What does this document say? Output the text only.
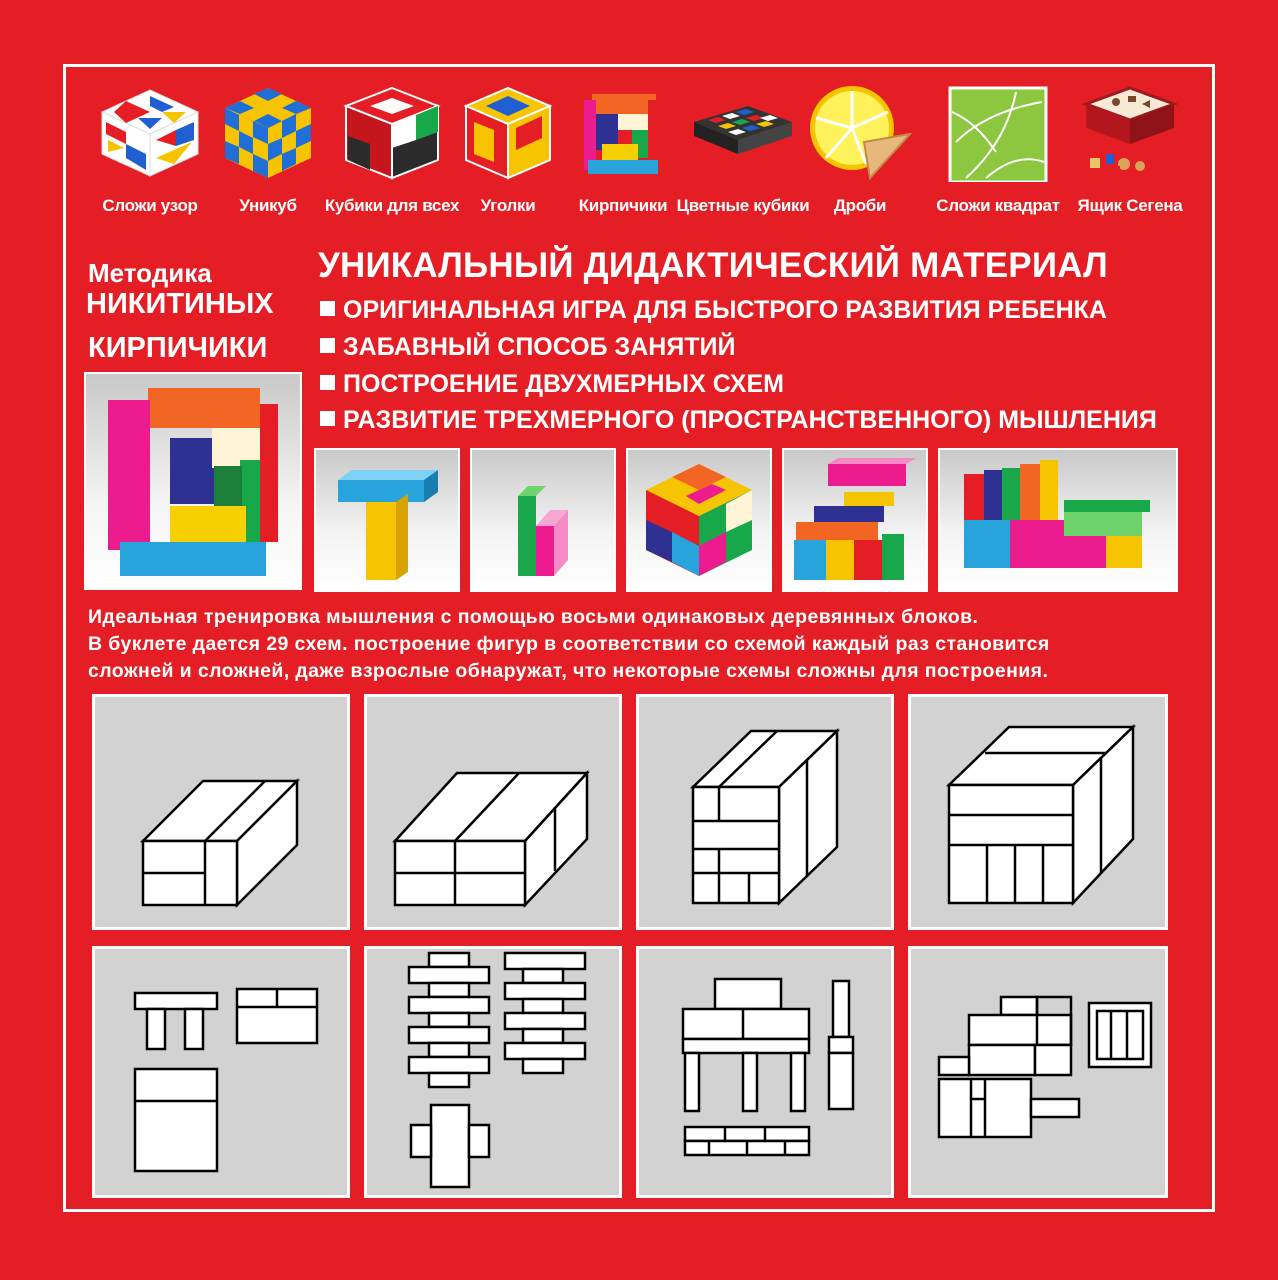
Сложи узор	Уникуб	Кубики для всех	Уголки	Кирпичики Цветные кубики	Дроби	Сложи квадрат	Ящик Сегена
Методика
НИКИТИНЫХ
КИРПИЧИКИ
УНИКАЛЬНЫЙ ДИДАКТИЧЕСКИЙ МАТЕРИАЛ
ОРИГИНАЛЬНАЯ ИГРА ДЛЯ БЫСТРОГО РАЗВИТИЯ РЕБЕНКА
ЗАБАВНЫЙ СПОСОБ ЗАНЯТИЙ
ПОСТРОЕНИЕ ДВУХМЕРНЫХ СХЕМ
РАЗВИТИЕ ТРЕХМЕРНОГО (ПРОСТРАНСТВЕННОГО) МЫШЛЕНИЯ
Идеальная тренировка мышления с помощью восьми одинаковых деревянных блоков.
В буклете дается 29 схем. построение фигур в соответствии со схемой каждый раз становится
сложней и сложней, даже взрослые обнаружат, что некоторые схемы сложны для построения.
